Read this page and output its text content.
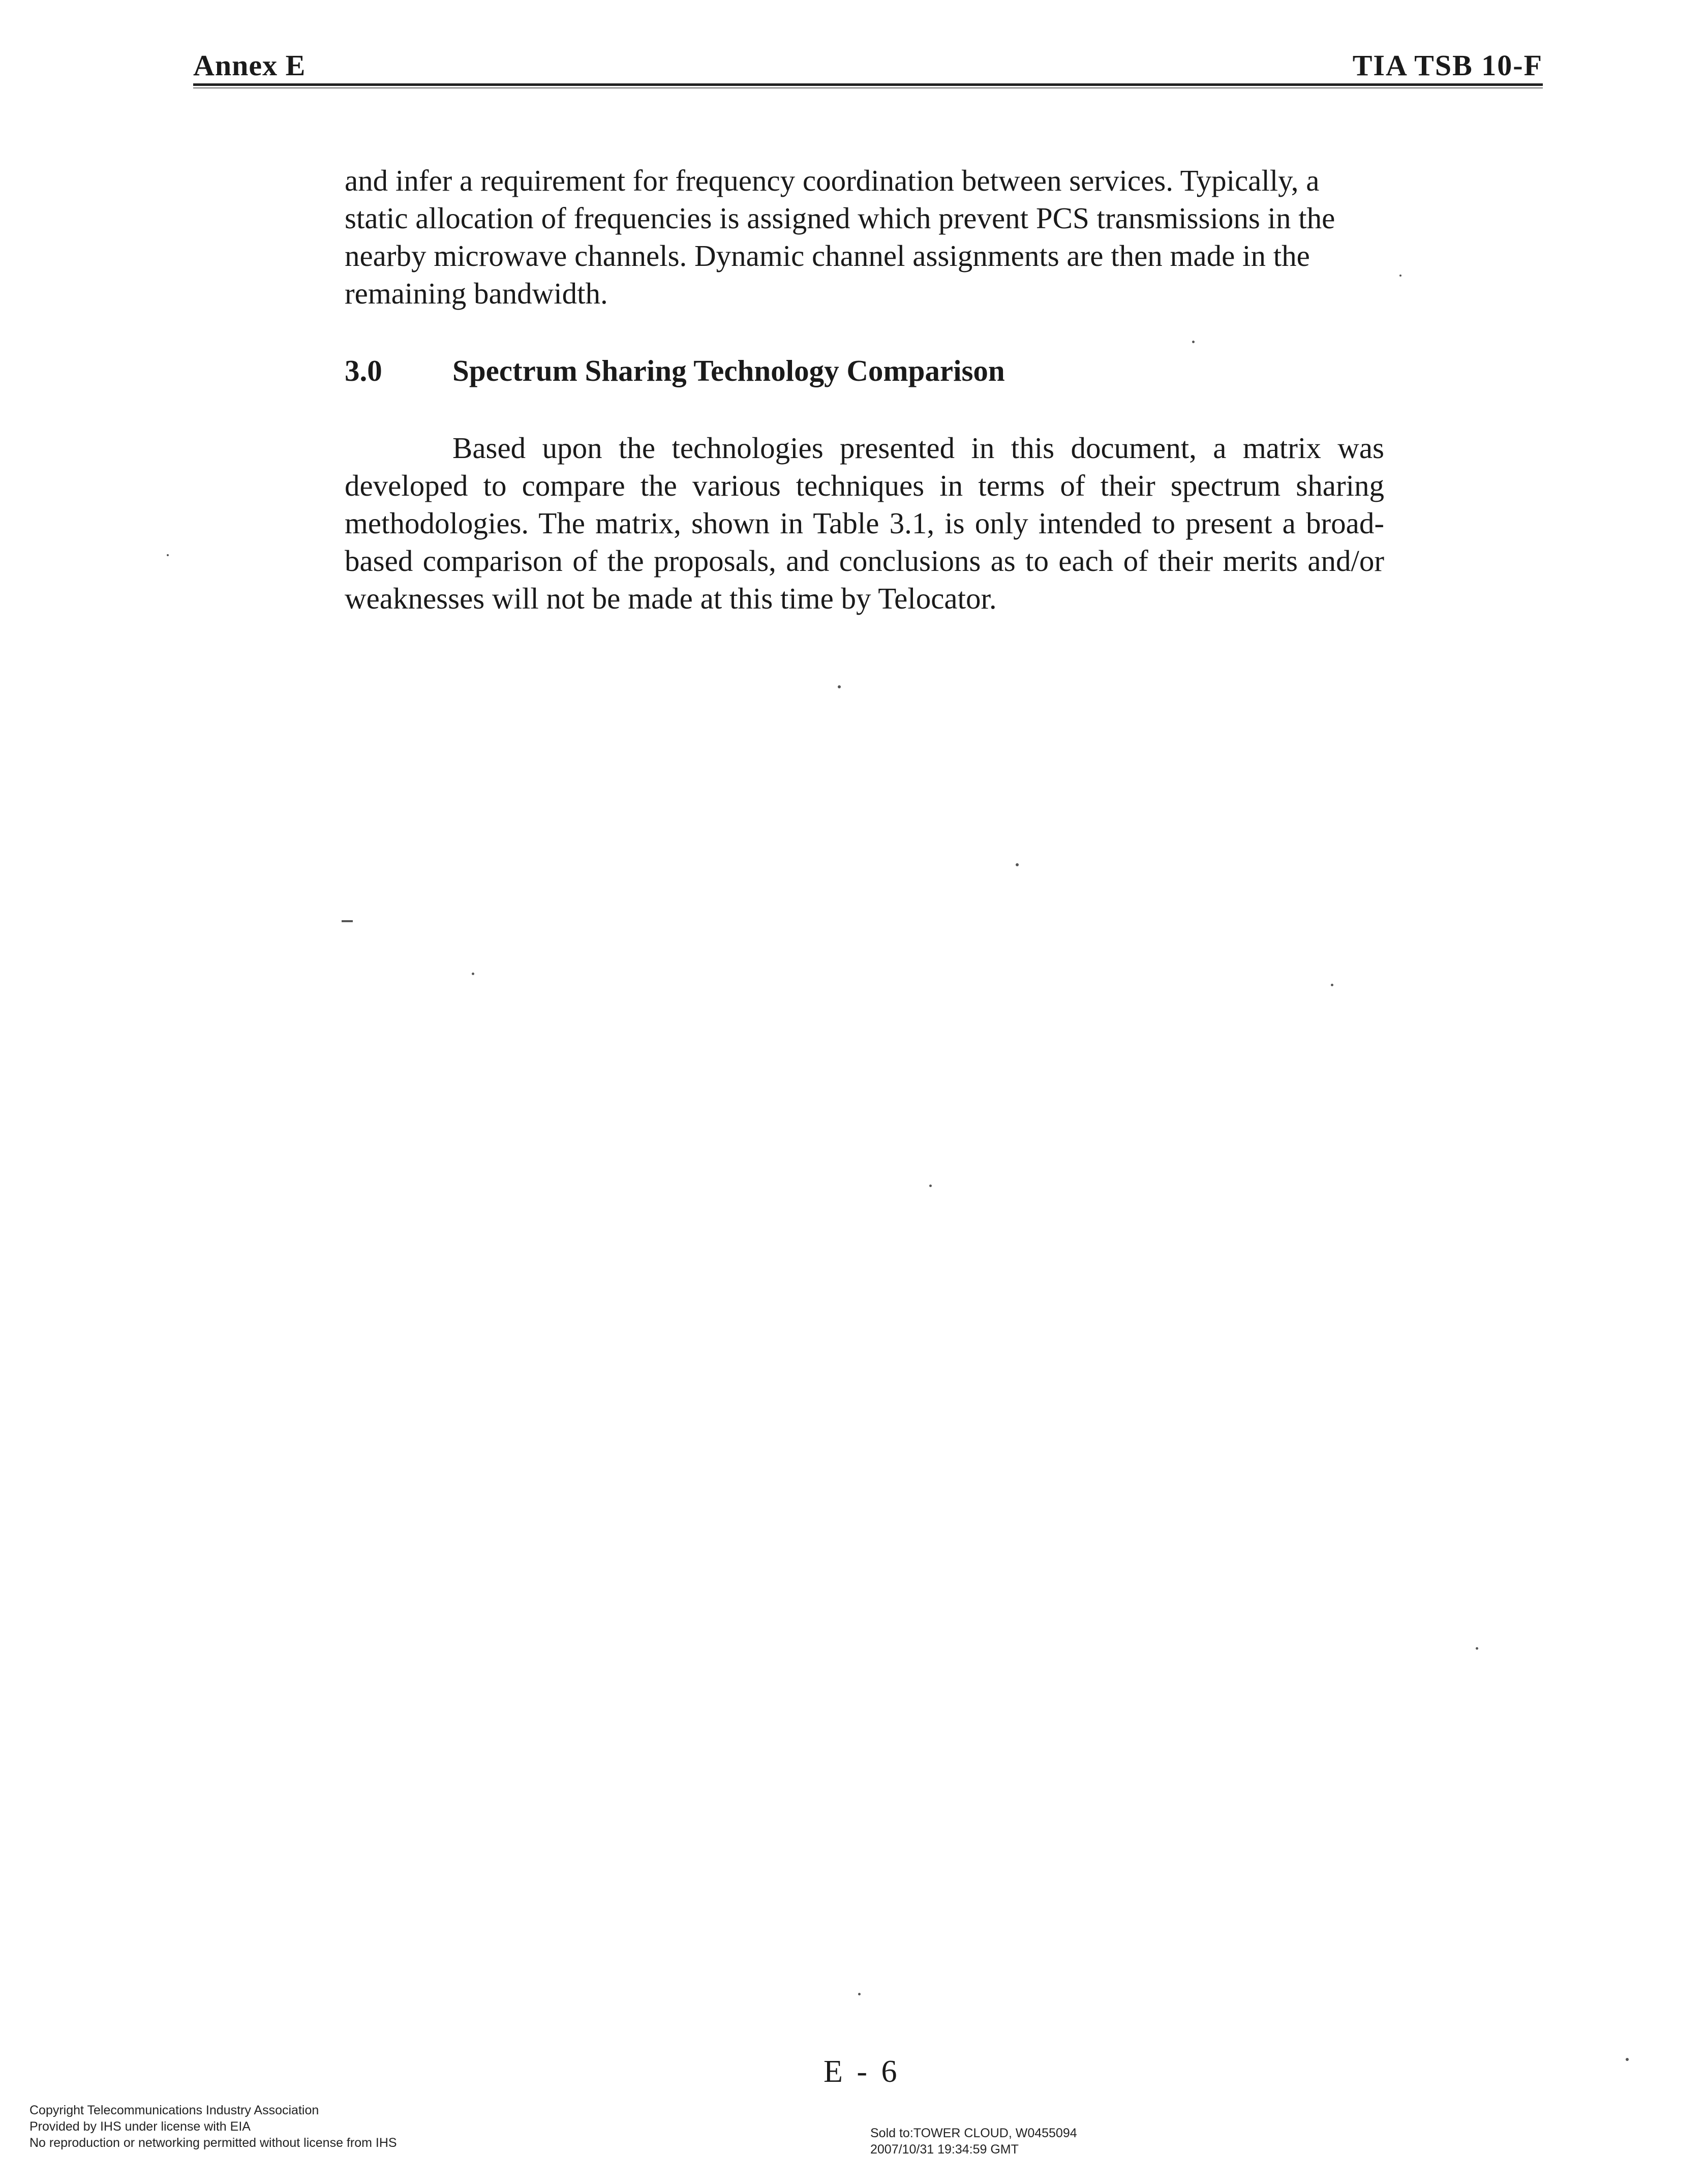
Annex E	TIA TSB 10-F

and infer a requirement for frequency coordination between services. Typically, a static allocation of frequencies is assigned which prevent PCS transmissions in the nearby microwave channels. Dynamic channel assignments are then made in the remaining bandwidth.

3.0	Spectrum Sharing Technology Comparison

Based upon the technologies presented in this document, a matrix was developed to compare the various techniques in terms of their spectrum sharing methodologies. The matrix, shown in Table 3.1, is only intended to present a broad-based comparison of the proposals, and conclusions as to each of their merits and/or weaknesses will not be made at this time by Telocator.

E - 6
Copyright Telecommunications Industry Association
Provided by IHS under license with EIA
No reproduction or networking permitted without license from IHS
Sold to:TOWER CLOUD, W0455094
2007/10/31 19:34:59 GMT
